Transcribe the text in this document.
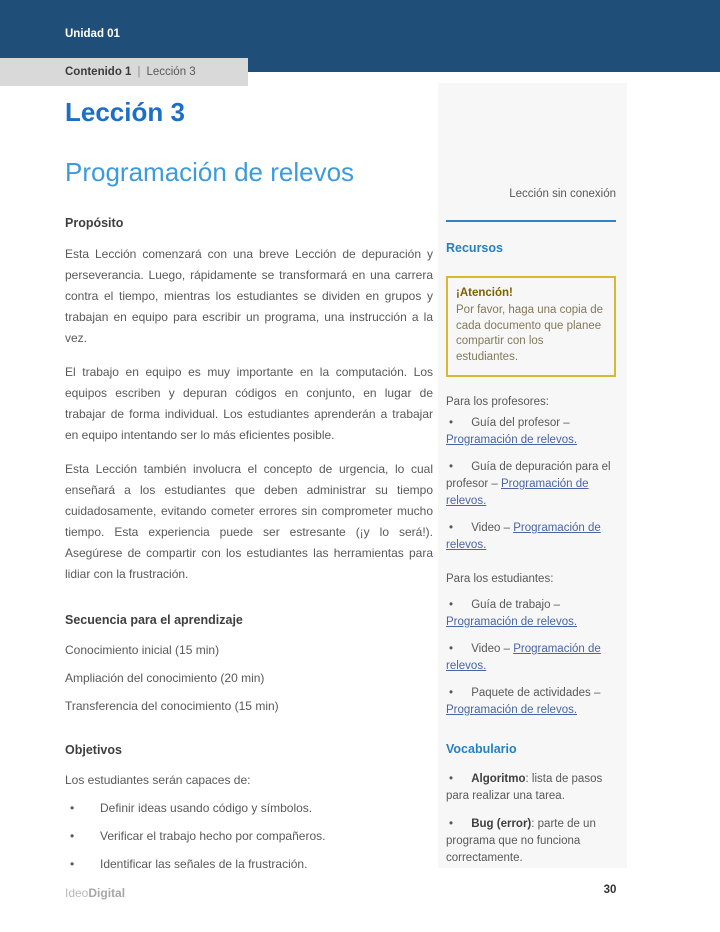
Unidad 01
Contenido 1 | Lección 3
Lección 3
Programación de relevos
Propósito

Esta Lección comenzará con una breve Lección de depuración y perseverancia. Luego, rápidamente se transformará en una carrera contra el tiempo, mientras los estudiantes se dividen en grupos y trabajan en equipo para escribir un programa, una instrucción a la vez.

El trabajo en equipo es muy importante en la computación. Los equipos escriben y depuran códigos en conjunto, en lugar de trabajar de forma individual. Los estudiantes aprenderán a trabajar en equipo intentando ser lo más eficientes posible.

Esta Lección también involucra el concepto de urgencia, lo cual enseñará a los estudiantes que deben administrar su tiempo cuidadosamente, evitando cometer errores sin comprometer mucho tiempo. Esta experiencia puede ser estresante (¡y lo será!). Asegúrese de compartir con los estudiantes las herramientas para lidiar con la frustración.

Secuencia para el aprendizaje
Conocimiento inicial (15 min)
Ampliación del conocimiento (20 min)
Transferencia del conocimiento (15 min)
Objetivos
Los estudiantes serán capaces de:
• Definir ideas usando código y símbolos.
• Verificar el trabajo hecho por compañeros.
• Identificar las señales de la frustración.
Lección sin conexión
Recursos
¡Atención!
Por favor, haga una copia de cada documento que planee compartir con los estudiantes.
Para los profesores:
• Guía del profesor – Programación de relevos.
• Guía de depuración para el profesor – Programación de relevos.
• Video – Programación de relevos.
Para los estudiantes:
• Guía de trabajo – Programación de relevos.
• Video – Programación de relevos.
• Paquete de actividades – Programación de relevos.
Vocabulario
• Algoritmo: lista de pasos para realizar una tarea.
• Bug (error): parte de un programa que no funciona correctamente.
IdeoDigital	30
